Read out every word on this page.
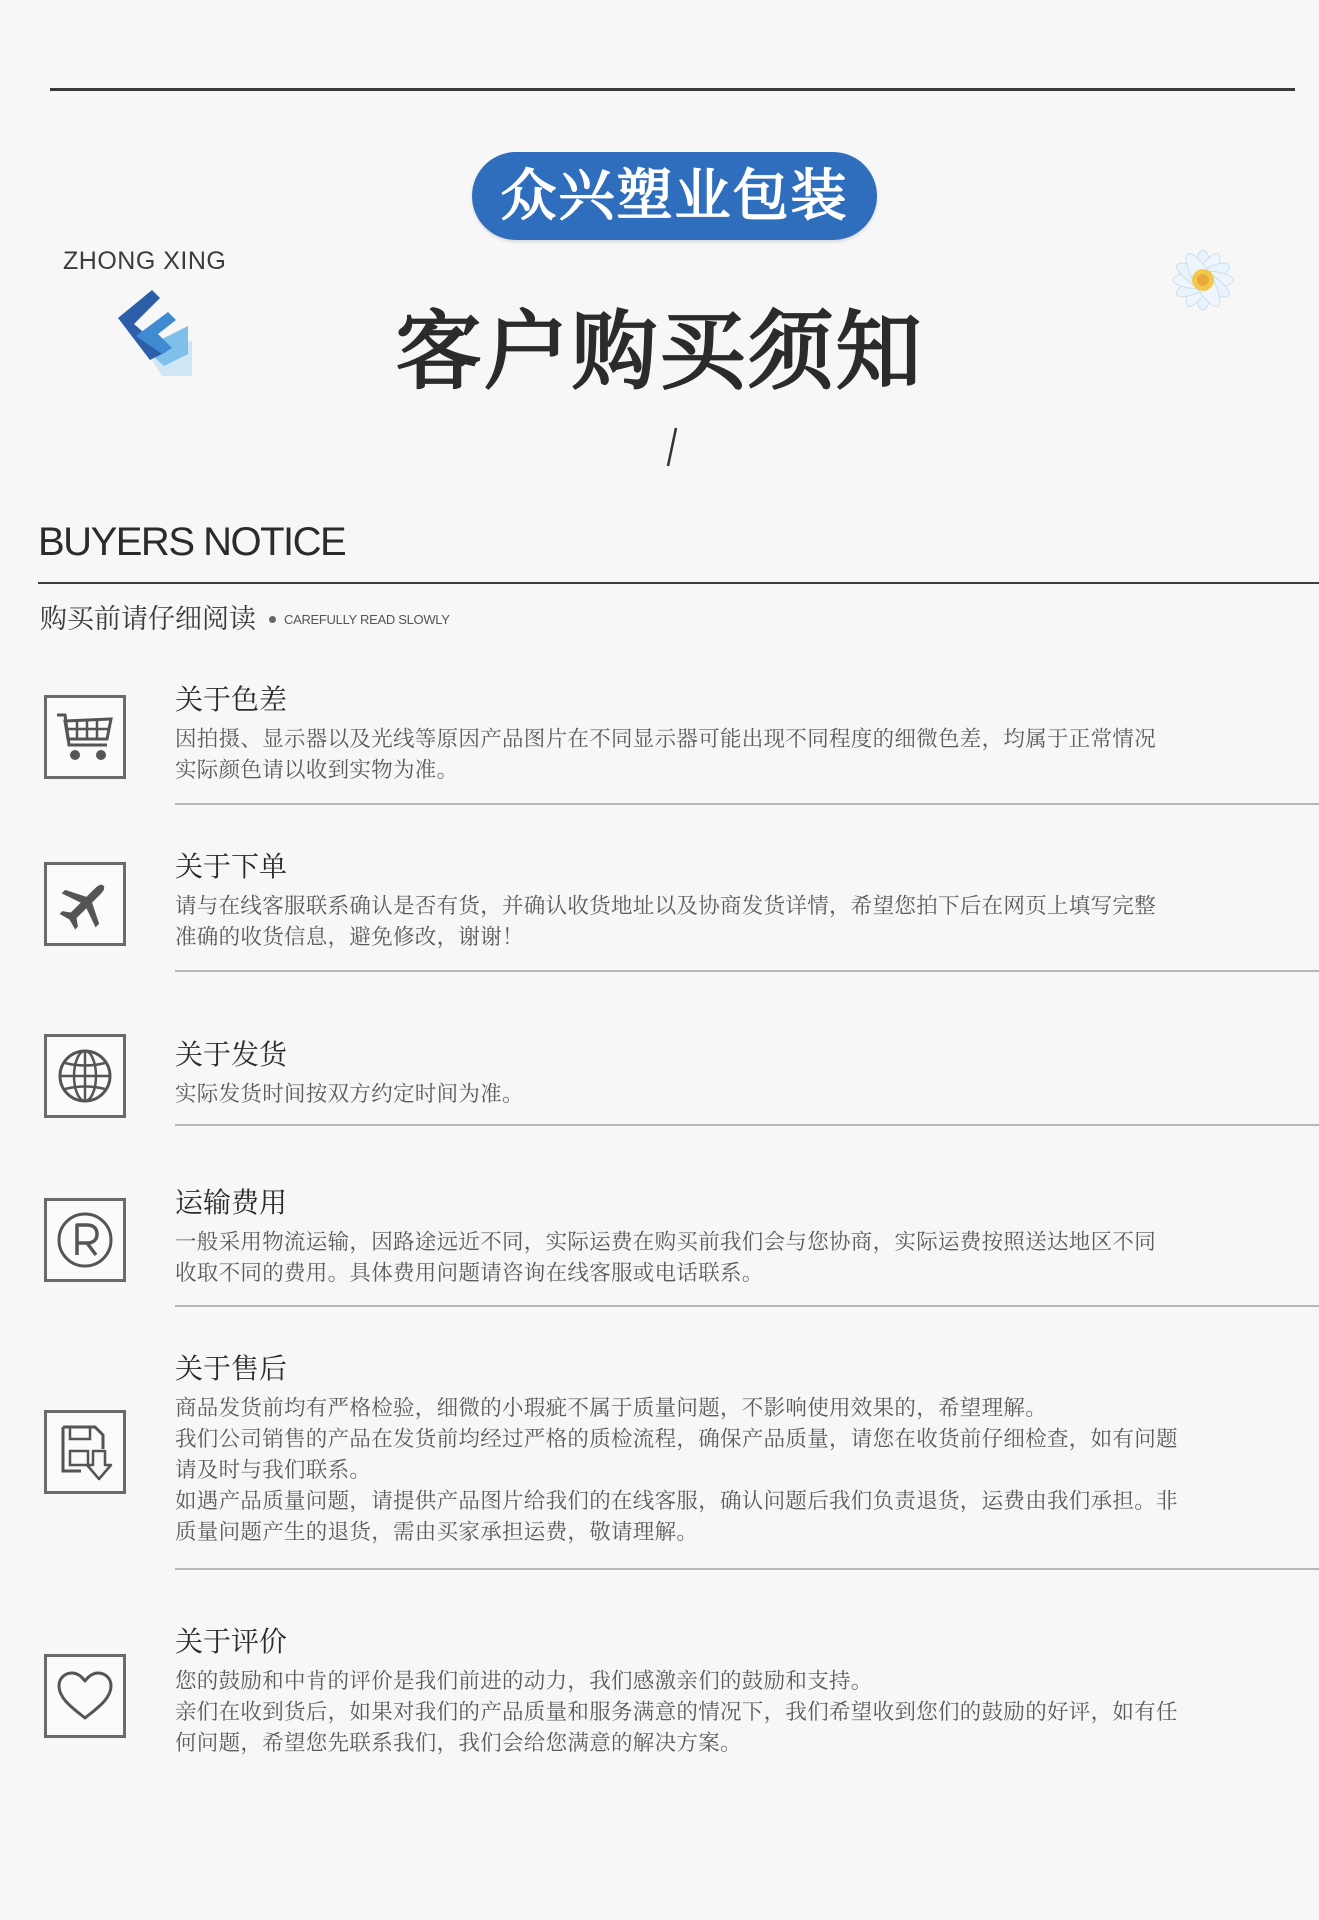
众兴塑业包装
ZHONG XING
客户购买须知
BUYERS NOTICE
购买前请仔细阅读 CAREFULLY READ SLOWLY
关于色差

因拍摄、显示器以及光线等原因产品图片在不同显示器可能出现不同程度的细微色差，均属于正常情况

实际颜色请以收到实物为准。

关于下单

请与在线客服联系确认是否有货，并确认收货地址以及协商发货详情，希望您拍下后在网页上填写完整

准确的收货信息，避免修改，谢谢！

关于发货

实际发货时间按双方约定时间为准。

运输费用

一般采用物流运输，因路途远近不同，实际运费在购买前我们会与您协商，实际运费按照送达地区不同

收取不同的费用。具体费用问题请咨询在线客服或电话联系。

关于售后

商品发货前均有严格检验，细微的小瑕疵不属于质量问题，不影响使用效果的，希望理解。

我们公司销售的产品在发货前均经过严格的质检流程，确保产品质量，请您在收货前仔细检查，如有问题

请及时与我们联系。

如遇产品质量问题，请提供产品图片给我们的在线客服，确认问题后我们负责退货，运费由我们承担。非

质量问题产生的退货，需由买家承担运费，敬请理解。

关于评价

您的鼓励和中肯的评价是我们前进的动力，我们感激亲们的鼓励和支持。

亲们在收到货后，如果对我们的产品质量和服务满意的情况下，我们希望收到您们的鼓励的好评，如有任

何问题，希望您先联系我们，我们会给您满意的解决方案。
